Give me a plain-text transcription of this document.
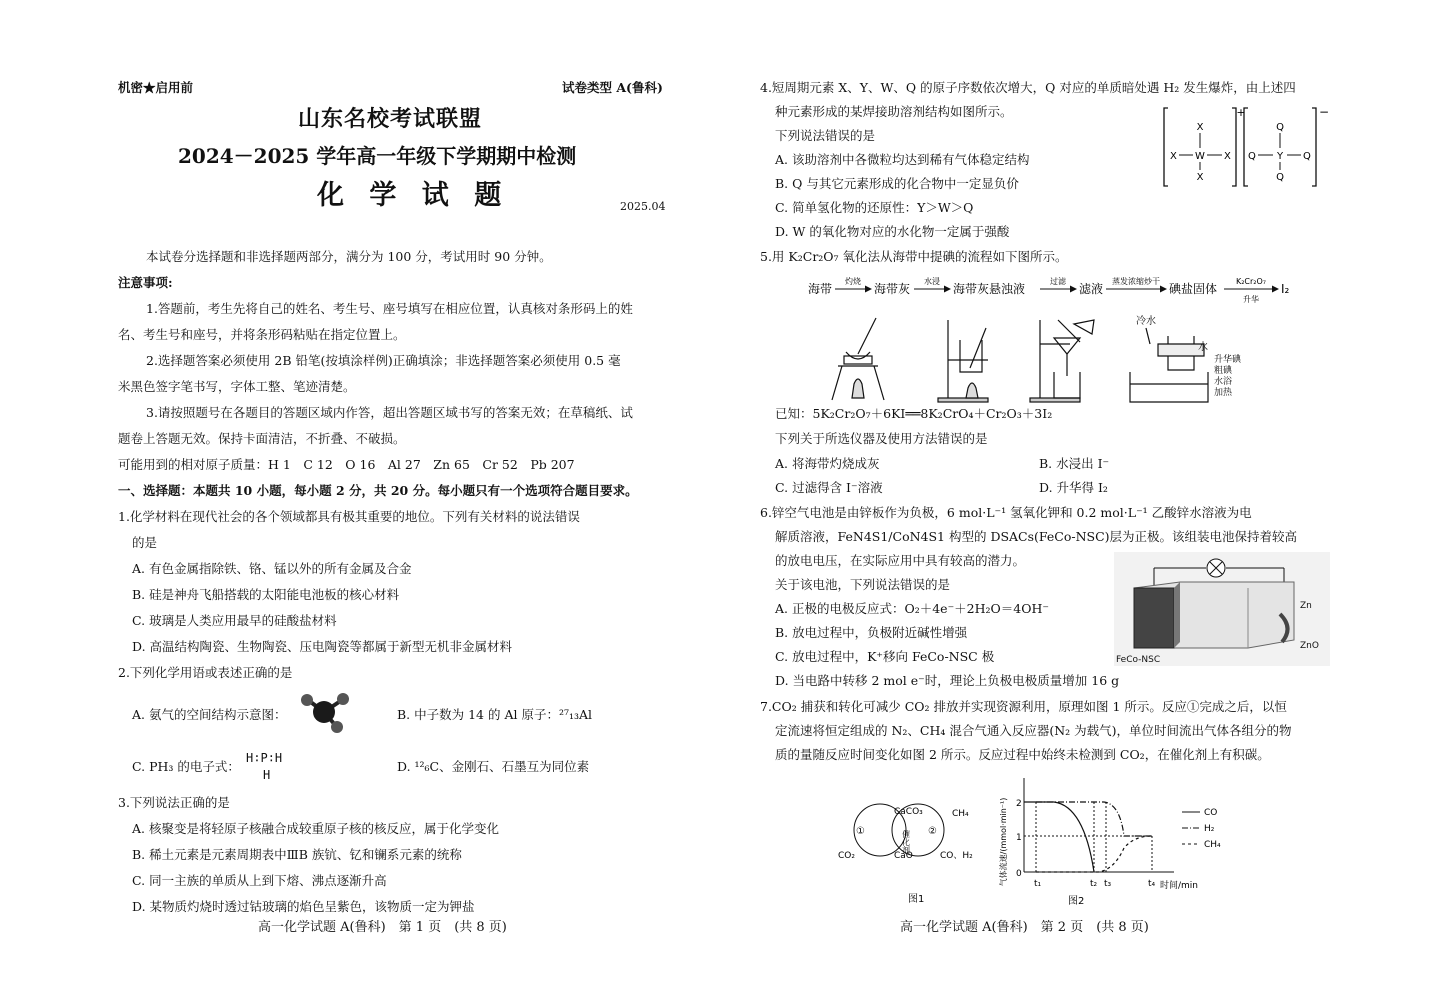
机密★启用前	试卷类型 A(鲁科)
山东名校考试联盟
2024－2025 学年高一年级下学期期中检测
化 学 试 题	2025.04
本试卷分选择题和非选择题两部分，满分为 100 分，考试用时 90 分钟。
注意事项:
1.答题前，考生先将自己的姓名、考生号、座号填写在相应位置，认真核对条形码上的姓
名、考生号和座号，并将条形码粘贴在指定位置上。
2.选择题答案必须使用 2B 铅笔(按填涂样例)正确填涂；非选择题答案必须使用 0.5 毫
米黑色签字笔书写，字体工整、笔迹清楚。
3.请按照题号在各题目的答题区域内作答，超出答题区域书写的答案无效；在草稿纸、试
题卷上答题无效。保持卡面清洁，不折叠、不破损。
可能用到的相对原子质量：H 1　C 12　O 16　Al 27　Zn 65　Cr 52　Pb 207
一、选择题：本题共 10 小题，每小题 2 分，共 20 分。每小题只有一个选项符合题目要求。
1.化学材料在现代社会的各个领域都具有极其重要的地位。下列有关材料的说法错误
的是
A. 有色金属指除铁、铬、锰以外的所有金属及合金
B. 硅是神舟飞船搭载的太阳能电池板的核心材料
C. 玻璃是人类应用最早的硅酸盐材料
D. 高温结构陶瓷、生物陶瓷、压电陶瓷等都属于新型无机非金属材料
2.下列化学用语或表述正确的是
A. 氨气的空间结构示意图：	B. 中子数为 14 的 Al 原子：²⁷₁₃Al
C. PH₃ 的电子式：
H∶P∶H
H
D. ¹²₆C、金刚石、石墨互为同位素
3.下列说法正确的是
A. 核聚变是将轻原子核融合成较重原子核的核反应，属于化学变化
B. 稀土元素是元素周期表中ⅢB 族钪、钇和镧系元素的统称
C. 同一主族的单质从上到下熔、沸点逐渐升高
D. 某物质灼烧时透过钴玻璃的焰色呈紫色，该物质一定为钾盐
高一化学试题 A(鲁科)　第 1 页　(共 8 页)
4.短周期元素 X、Y、W、Q 的原子序数依次增大，Q 对应的单质暗处遇 H₂ 发生爆炸，由上述四
种元素形成的某焊接助溶剂结构如图所示。
下列说法错误的是
A. 该助溶剂中各微粒均达到稀有气体稳定结构
B. Q 与其它元素形成的化合物中一定显负价
C. 简单氢化物的还原性：Y＞W＞Q
D. W 的氧化物对应的水化物一定属于强酸
X
X W X
X
+
Q
Q Y Q
Q
−
5.用 K₂Cr₂O₇ 氧化法从海带中提碘的流程如下图所示。
海带
灼烧
海带灰
水浸
海带灰悬浊液
过滤
滤液
蒸发浓缩炒干
碘盐固体
K₂Cr₂O₇
升华
I₂
冷水
水
升华碘
粗碘
水浴
加热
已知：5K₂Cr₂O₇＋6KI══8K₂CrO₄＋Cr₂O₃＋3I₂
下列关于所选仪器及使用方法错误的是
A. 将海带灼烧成灰	B. 水浸出 I⁻
C. 过滤得含 I⁻溶液	D. 升华得 I₂
6.锌空气电池是由锌板作为负极，6 mol·L⁻¹ 氢氧化钾和 0.2 mol·L⁻¹ 乙酸锌水溶液为电
解质溶液，FeN4S1/CoN4S1 构型的 DSACs(FeCo-NSC)层为正极。该组装电池保持着较高
的放电电压，在实际应用中具有较高的潜力。
关于该电池，下列说法错误的是
A. 正极的电极反应式：O₂＋4e⁻＋2H₂O＝4OH⁻
B. 放电过程中，负极附近碱性增强
C. 放电过程中，K⁺移向 FeCo-NSC 极
D. 当电路中转移 2 mol e⁻时，理论上负极电极质量增加 16 g
FeCo-NSC
Zn
ZnO
7.CO₂ 捕获和转化可减少 CO₂ 排放并实现资源利用，原理如图 1 所示。反应①完成之后，以恒
定流速将恒定组成的 N₂、CH₄ 混合气通入反应器(N₂ 为载气)，单位时间流出气体各组分的物
质的量随反应时间变化如图 2 所示。反应过程中始终未检测到 CO₂，在催化剂上有积碳。
CaCO₃
CaO
CO₂
CH₄
CO、H₂
①	②
催化剂
图1
气体流速/(mmol·min⁻¹) 2
1
0
t₁	t₂ t₃	t₄ 时间/min
CO
H₂
CH₄
图2
高一化学试题 A(鲁科)　第 2 页　(共 8 页)
